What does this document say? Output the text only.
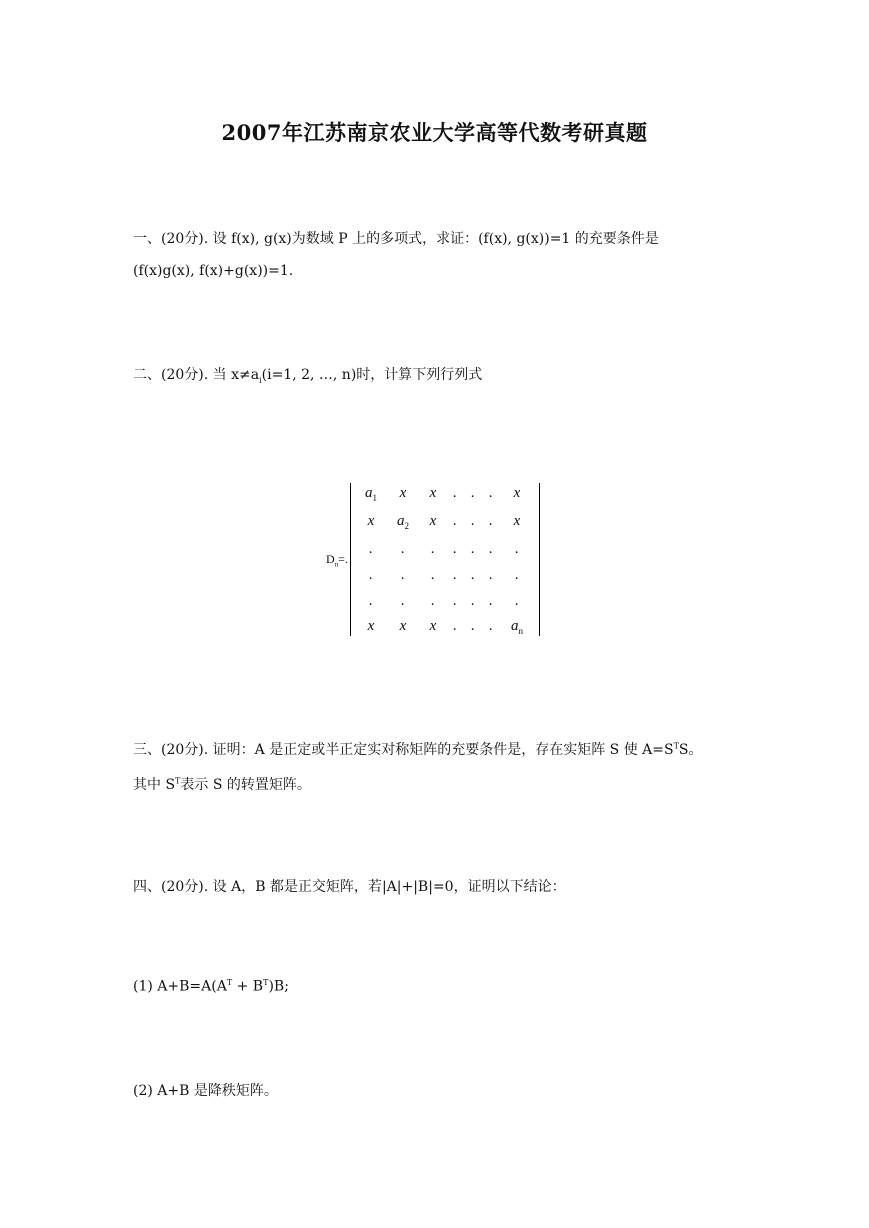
2007年江苏南京农业大学高等代数考研真题
一、(20分). 设 f(x), g(x)为数域 P 上的多项式，求证：(f(x), g(x))=1 的充要条件是
(f(x)g(x), f(x)+g(x))=1.
二、(20分). 当 $x\ne a_i(i=1$, 2, …, n)时，计算下列行列式
$D_n=$.
$a_1$	x	x	. . .	x
x	$a_2$	x	. . .	x
.	.	.	. . .	.
.	.	.	. . .	.
.	.	.	. . .	.
x	x	x	. . .	$a_n$
三、(20分). 证明：A 是正定或半正定实对称矩阵的充要条件是，存在实矩阵 S 使 $A=S^TS$。
其中 $S^T$表示 S 的转置矩阵。
四、(20分). 设 A，B 都是正交矩阵，若|A|+|B|=0，证明以下结论：
(1) $A+B=A(A^T + B^T)B$;
(2) A+B 是降秩矩阵。
